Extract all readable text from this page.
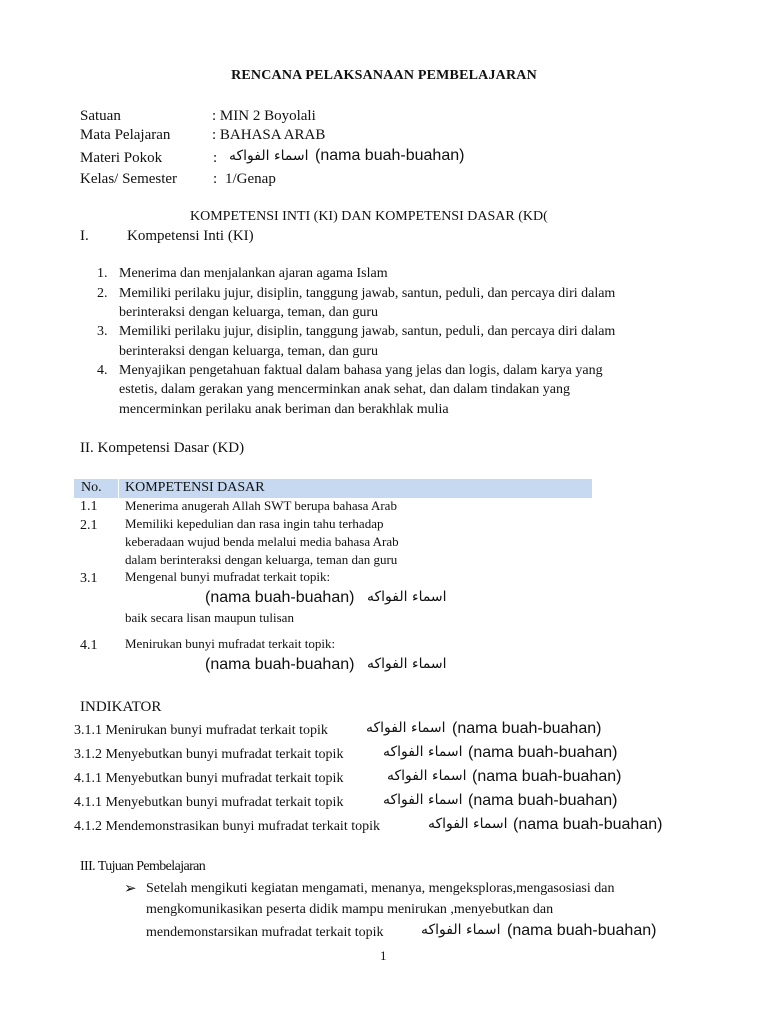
RENCANA PELAKSANAAN PEMBELAJARAN
Satuan	: MIN 2 Boyolali
Mata Pelajaran	: BAHASA ARAB
Materi Pokok	: اسماء الفواكه (nama buah-buahan)
Kelas/ Semester : 1/Genap
KOMPETENSI INTI (KI) DAN KOMPETENSI DASAR (KD(
I.	Kompetensi Inti (KI)
1. Menerima dan menjalankan ajaran agama Islam
2. Memiliki perilaku jujur, disiplin, tanggung jawab, santun, peduli, dan percaya diri dalam
berinteraksi dengan keluarga, teman, dan guru
3. Memiliki perilaku jujur, disiplin, tanggung jawab, santun, peduli, dan percaya diri dalam
berinteraksi dengan keluarga, teman, dan guru
4. Menyajikan pengetahuan faktual dalam bahasa yang jelas dan logis, dalam karya yang
estetis, dalam gerakan yang mencerminkan anak sehat, dan dalam tindakan yang
mencerminkan perilaku anak beriman dan berakhlak mulia
II. Kompetensi Dasar (KD)
No. KOMPETENSI DASAR
1.1 Menerima anugerah Allah SWT berupa bahasa Arab
2.1 Memiliki kepedulian dan rasa ingin tahu terhadap
keberadaan wujud benda melalui media bahasa Arab
dalam berinteraksi dengan keluarga, teman dan guru
3.1 Mengenal bunyi mufradat terkait topik:
(nama buah-buahan) اسماء الفواكه
baik secara lisan maupun tulisan
4.1 Menirukan bunyi mufradat terkait topik:
(nama buah-buahan) اسماء الفواكه
INDIKATOR
3.1.1 Menirukan bunyi mufradat terkait topik	اسماء الفواكه (nama buah-buahan)
3.1.2 Menyebutkan bunyi mufradat terkait topik	اسماء الفواكه (nama buah-buahan)
4.1.1 Menyebutkan bunyi mufradat terkait topik	اسماء الفواكه (nama buah-buahan)
4.1.1 Menyebutkan bunyi mufradat terkait topik	اسماء الفواكه (nama buah-buahan)
4.1.2 Mendemonstrasikan bunyi mufradat terkait topik	اسماء الفواكه (nama buah-buahan)
III. Tujuan Pembelajaran
➢ Setelah mengikuti kegiatan mengamati, menanya, mengeksploras,mengasosiasi dan
mengkomunikasikan peserta didik mampu menirukan ,menyebutkan dan
mendemonstarsikan mufradat terkait topik	اسماء الفواكه (nama buah-buahan)
1
